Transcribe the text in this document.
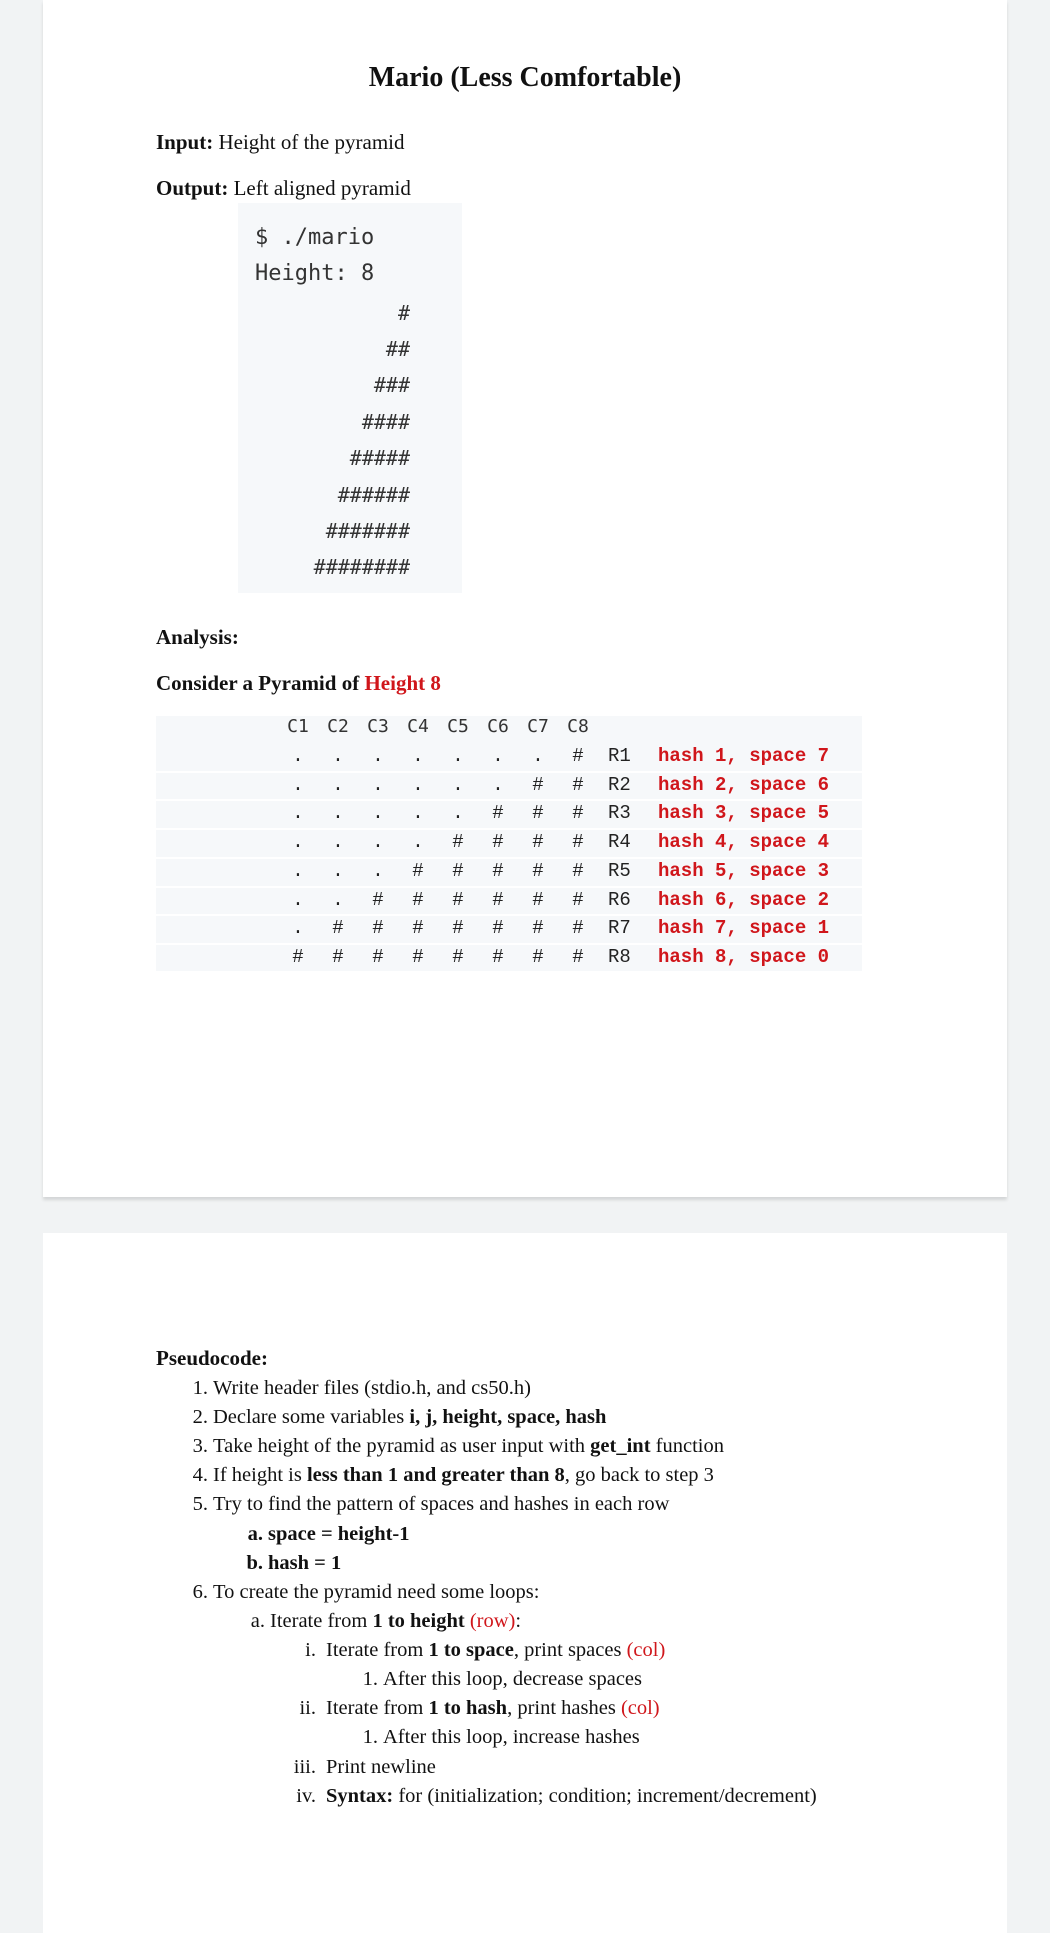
Mario (Less Comfortable)
Input: Height of the pyramid
Output: Left aligned pyramid
$ ./mario
Height: 8
#
##
###
####
#####
######
#######
########
Analysis:
Consider a Pyramid of Height 8
C1 C2 C3 C4 C5 C6 C7 C8
.	.	.	.	.	.	.	#	R1 hash 1, space 7
.	.	.	.	.	.	#	#	R2 hash 2, space 6
.	.	.	.	.	#	#	#	R3 hash 3, space 5
.	.	.	.	#	#	#	#	R4 hash 4, space 4
.	.	.	#	#	#	#	#	R5 hash 5, space 3
.	.	#	#	#	#	#	#	R6 hash 6, space 2
.	#	#	#	#	#	#	#	R7 hash 7, space 1
#	#	#	#	#	#	#	#	R8 hash 8, space 0
Pseudocode:
1. Write header files (stdio.h, and cs50.h)
2. Declare some variables i, j, height, space, hash
3. Take height of the pyramid as user input with get_int function
4. If height is less than 1 and greater than 8, go back to step 3
5. Try to find the pattern of spaces and hashes in each row
a. space = height-1
b. hash = 1
6. To create the pyramid need some loops:
a. Iterate from 1 to height (row):
i. Iterate from 1 to space, print spaces (col)
1. After this loop, decrease spaces
ii. Iterate from 1 to hash, print hashes (col)
1. After this loop, increase hashes
iii. Print newline
iv. Syntax: for (initialization; condition; increment/decrement)
